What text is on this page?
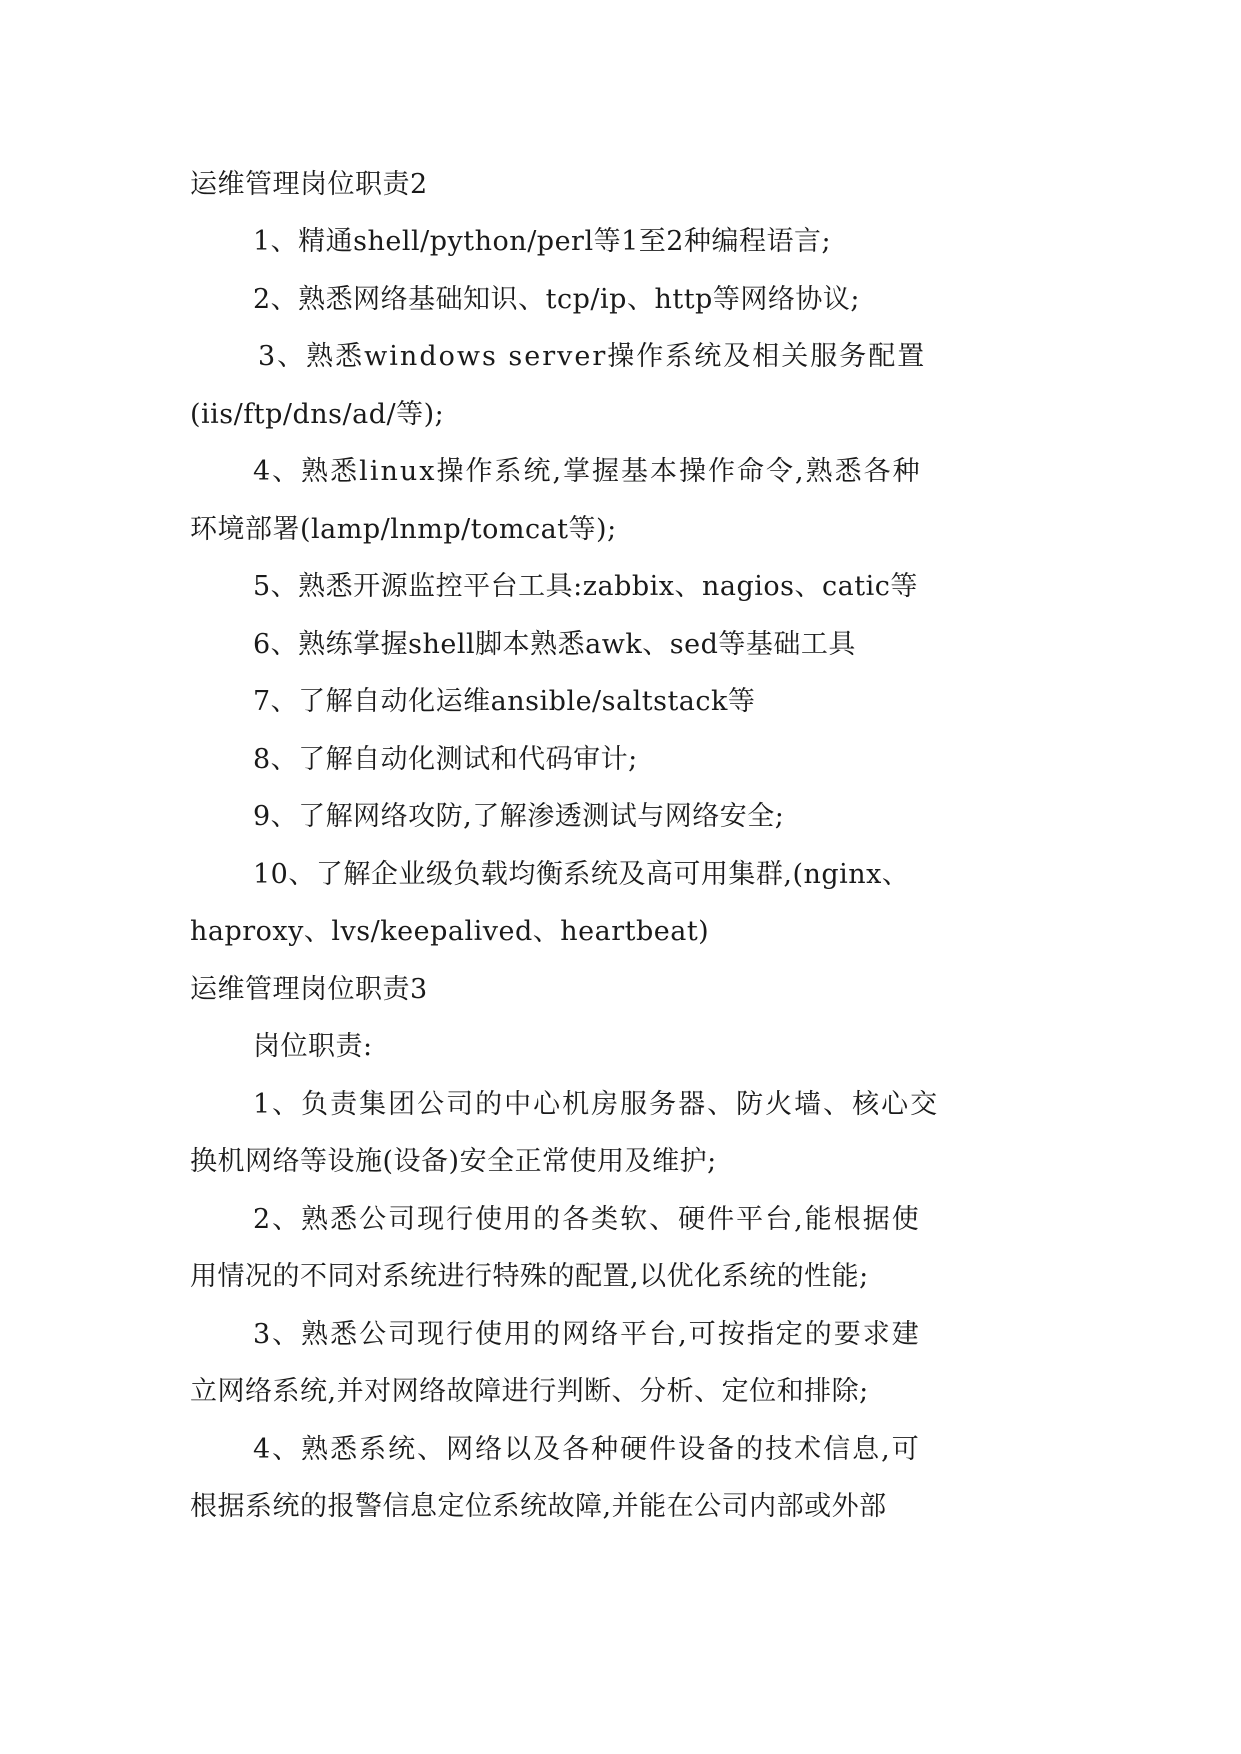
运维管理岗位职责2

1、精通shell/python/perl等1至2种编程语言;

2、熟悉网络基础知识、tcp/ip、http等网络协议;

3、熟悉windows server操作系统及相关服务配置

(iis/ftp/dns/ad/等);

4、熟悉linux操作系统,掌握基本操作命令,熟悉各种

环境部署(lamp/lnmp/tomcat等);

5、熟悉开源监控平台工具:zabbix、nagios、catic等

6、熟练掌握shell脚本熟悉awk、sed等基础工具

7、了解自动化运维ansible/saltstack等

8、了解自动化测试和代码审计;

9、了解网络攻防,了解渗透测试与网络安全;

10、了解企业级负载均衡系统及高可用集群,(nginx、

haproxy、lvs/keepalived、heartbeat)

运维管理岗位职责3

岗位职责:

1、负责集团公司的中心机房服务器、防火墙、核心交

换机网络等设施(设备)安全正常使用及维护;

2、熟悉公司现行使用的各类软、硬件平台,能根据使

用情况的不同对系统进行特殊的配置,以优化系统的性能;

3、熟悉公司现行使用的网络平台,可按指定的要求建

立网络系统,并对网络故障进行判断、分析、定位和排除;

4、熟悉系统、网络以及各种硬件设备的技术信息,可

根据系统的报警信息定位系统故障,并能在公司内部或外部
